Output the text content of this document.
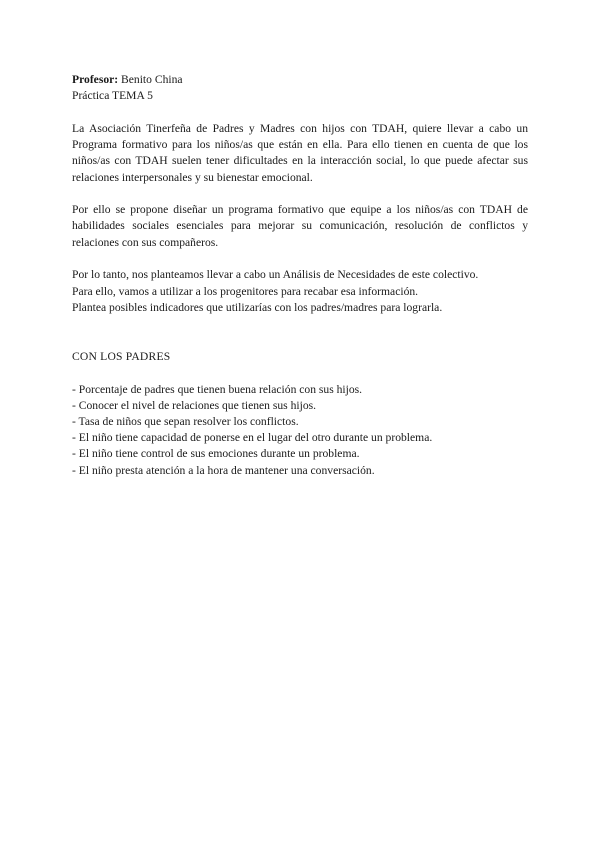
Profesor: Benito China
Práctica TEMA 5

La Asociación Tinerfeña de Padres y Madres con hijos con TDAH, quiere llevar a cabo un Programa formativo para los niños/as que están en ella. Para ello tienen en cuenta de que los niños/as con TDAH suelen tener dificultades en la interacción social, lo que puede afectar sus relaciones interpersonales y su bienestar emocional.

Por ello se propone diseñar un programa formativo que equipe a los niños/as con TDAH de habilidades sociales esenciales para mejorar su comunicación, resolución de conflictos y relaciones con sus compañeros.

Por lo tanto, nos planteamos llevar a cabo un Análisis de Necesidades de este colectivo.
Para ello, vamos a utilizar a los progenitores para recabar esa información.
Plantea posibles indicadores que utilizarías con los padres/madres para lograrla.

CON LOS PADRES

- Porcentaje de padres que tienen buena relación con sus hijos.
- Conocer el nivel de relaciones que tienen sus hijos.
- Tasa de niños que sepan resolver los conflictos.
- El niño tiene capacidad de ponerse en el lugar del otro durante un problema.
- El niño tiene control de sus emociones durante un problema.
- El niño presta atención a la hora de mantener una conversación.
